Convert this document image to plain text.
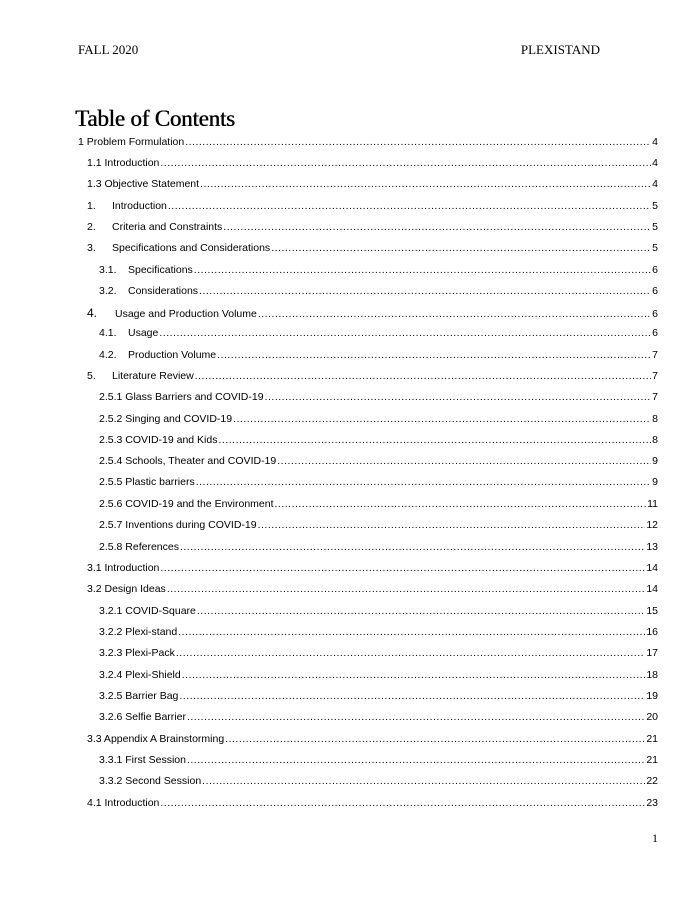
FALL 2020	PLEXISTAND
Table of Contents
1 Problem Formulation .....	4
1.1 Introduction .....	4
1.3 Objective Statement .....	4
1.	Introduction .....	5
2.	Criteria and Constraints .....	5
3.	Specifications and Considerations .....	5
3.1.	Specifications .....	6
3.2.	Considerations .....	6
4.	Usage and Production Volume .....	6
4.1.	Usage .....	6
4.2.	Production Volume .....	7
5.	Literature Review .....	7
2.5.1 Glass Barriers and COVID-19 .....	7
2.5.2 Singing and COVID-19 .....	8
2.5.3 COVID-19 and Kids .....	8
2.5.4 Schools, Theater and COVID-19 .....	9
2.5.5 Plastic barriers .....	9
2.5.6 COVID-19 and the Environment .....	11
2.5.7 Inventions during COVID-19 .....	12
2.5.8 References .....	13
3.1 Introduction .....	14
3.2 Design Ideas .....	14
3.2.1 COVID-Square .....	15
3.2.2 Plexi-stand .....	16
3.2.3 Plexi-Pack .....	17
3.2.4 Plexi-Shield .....	18
3.2.5 Barrier Bag .....	19
3.2.6 Selfie Barrier .....	20
3.3 Appendix A Brainstorming .....	21
3.3.1 First Session .....	21
3.3.2 Second Session .....	22
4.1 Introduction .....	23
1
